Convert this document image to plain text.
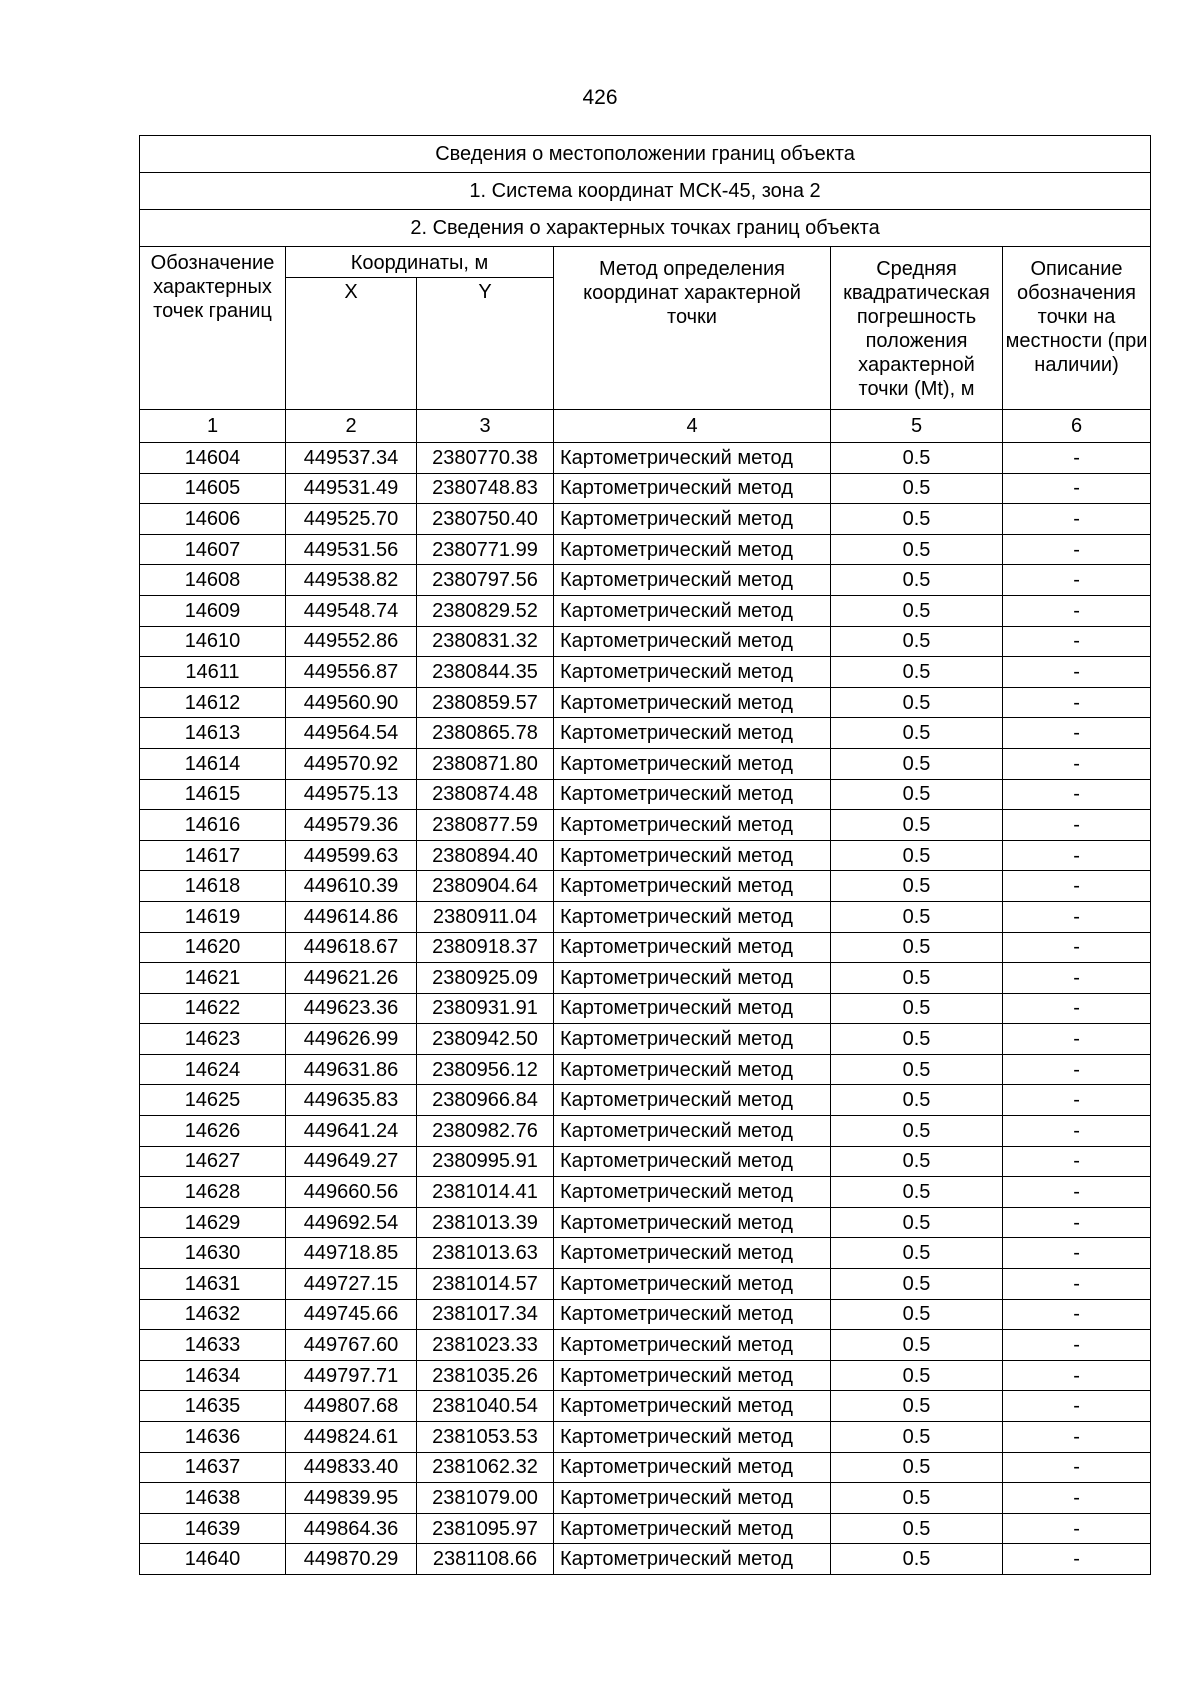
426
Сведения о местоположении границ объекта					
1. Система координат МСК-45, зона 2					
2. Сведения о характерных точках границ объекта					
Обозначение характерных точек границ	Координаты, м		Метод определения координат характерной точки	Средняя квадратическая погрешность положения характерной точки (Mt), м	Описание обозначения точки на местности (при наличии)
	X	Y			
1	2	3	4	5	6
14604	449537.34	2380770.38	Картометрический метод	0.5	-
14605	449531.49	2380748.83	Картометрический метод	0.5	-
14606	449525.70	2380750.40	Картометрический метод	0.5	-
14607	449531.56	2380771.99	Картометрический метод	0.5	-
14608	449538.82	2380797.56	Картометрический метод	0.5	-
14609	449548.74	2380829.52	Картометрический метод	0.5	-
14610	449552.86	2380831.32	Картометрический метод	0.5	-
14611	449556.87	2380844.35	Картометрический метод	0.5	-
14612	449560.90	2380859.57	Картометрический метод	0.5	-
14613	449564.54	2380865.78	Картометрический метод	0.5	-
14614	449570.92	2380871.80	Картометрический метод	0.5	-
14615	449575.13	2380874.48	Картометрический метод	0.5	-
14616	449579.36	2380877.59	Картометрический метод	0.5	-
14617	449599.63	2380894.40	Картометрический метод	0.5	-
14618	449610.39	2380904.64	Картометрический метод	0.5	-
14619	449614.86	2380911.04	Картометрический метод	0.5	-
14620	449618.67	2380918.37	Картометрический метод	0.5	-
14621	449621.26	2380925.09	Картометрический метод	0.5	-
14622	449623.36	2380931.91	Картометрический метод	0.5	-
14623	449626.99	2380942.50	Картометрический метод	0.5	-
14624	449631.86	2380956.12	Картометрический метод	0.5	-
14625	449635.83	2380966.84	Картометрический метод	0.5	-
14626	449641.24	2380982.76	Картометрический метод	0.5	-
14627	449649.27	2380995.91	Картометрический метод	0.5	-
14628	449660.56	2381014.41	Картометрический метод	0.5	-
14629	449692.54	2381013.39	Картометрический метод	0.5	-
14630	449718.85	2381013.63	Картометрический метод	0.5	-
14631	449727.15	2381014.57	Картометрический метод	0.5	-
14632	449745.66	2381017.34	Картометрический метод	0.5	-
14633	449767.60	2381023.33	Картометрический метод	0.5	-
14634	449797.71	2381035.26	Картометрический метод	0.5	-
14635	449807.68	2381040.54	Картометрический метод	0.5	-
14636	449824.61	2381053.53	Картометрический метод	0.5	-
14637	449833.40	2381062.32	Картометрический метод	0.5	-
14638	449839.95	2381079.00	Картометрический метод	0.5	-
14639	449864.36	2381095.97	Картометрический метод	0.5	-
14640	449870.29	2381108.66	Картометрический метод	0.5	-
